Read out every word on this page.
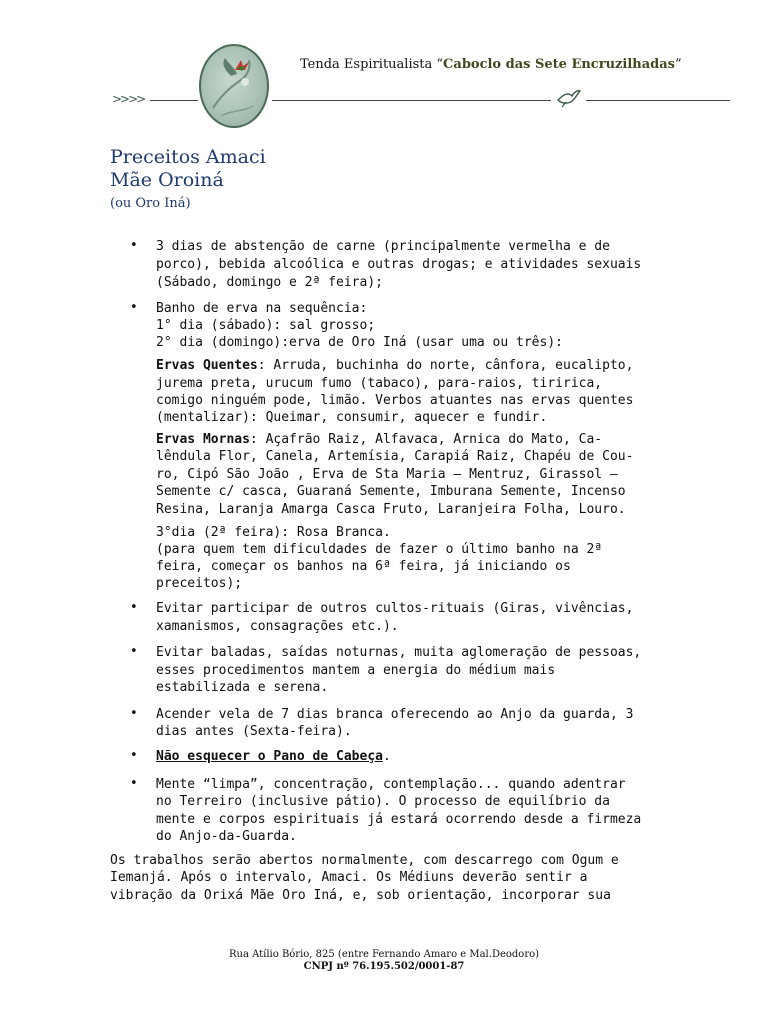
Tenda Espiritualista “Caboclo das Sete Encruzilhadas”
>>>>
Preceitos Amaci
Mãe Oroiná
(ou Oro Iná)
• 3 dias de abstenção de carne (principalmente vermelha e de
porco), bebida alcoólica e outras drogas; e atividades sexuais
(Sábado, domingo e 2ª feira);
• Banho de erva na sequência:
1° dia (sábado): sal grosso;
2° dia (domingo):erva de Oro Iná (usar uma ou três):
Ervas Quentes: Arruda, buchinha do norte, cânfora, eucalipto,
jurema preta, urucum fumo (tabaco), para-raios, tiririca,
comigo ninguém pode, limão. Verbos atuantes nas ervas quentes
(mentalizar): Queimar, consumir, aquecer e fundir.
Ervas Mornas: Açafrão Raiz, Alfavaca, Arnica do Mato, Ca-
lêndula Flor, Canela, Artemísia, Carapiá Raiz, Chapéu de Cou-
ro, Cipó São João , Erva de Sta Maria – Mentruz, Girassol –
Semente c/ casca, Guaraná Semente, Imburana Semente, Incenso
Resina, Laranja Amarga Casca Fruto, Laranjeira Folha, Louro.
3°dia (2ª feira): Rosa Branca.
(para quem tem dificuldades de fazer o último banho na 2ª
feira, começar os banhos na 6ª feira, já iniciando os
preceitos);
• Evitar participar de outros cultos-rituais (Giras, vivências,
xamanismos, consagrações etc.).
• Evitar baladas, saídas noturnas, muita aglomeração de pessoas,
esses procedimentos mantem a energia do médium mais
estabilizada e serena.
• Acender vela de 7 dias branca oferecendo ao Anjo da guarda, 3
dias antes (Sexta-feira).
• Não esquecer o Pano de Cabeça.
• Mente “limpa”, concentração, contemplação... quando adentrar
no Terreiro (inclusive pátio). O processo de equilíbrio da
mente e corpos espirituais já estará ocorrendo desde a firmeza
do Anjo-da-Guarda.
Os trabalhos serão abertos normalmente, com descarrego com Ogum e
Iemanjá. Após o intervalo, Amaci. Os Médiuns deverão sentir a
vibração da Orixá Mãe Oro Iná, e, sob orientação, incorporar sua
Rua Atílio Bório, 825 (entre Fernando Amaro e Mal.Deodoro)
CNPJ nº 76.195.502/0001-87
